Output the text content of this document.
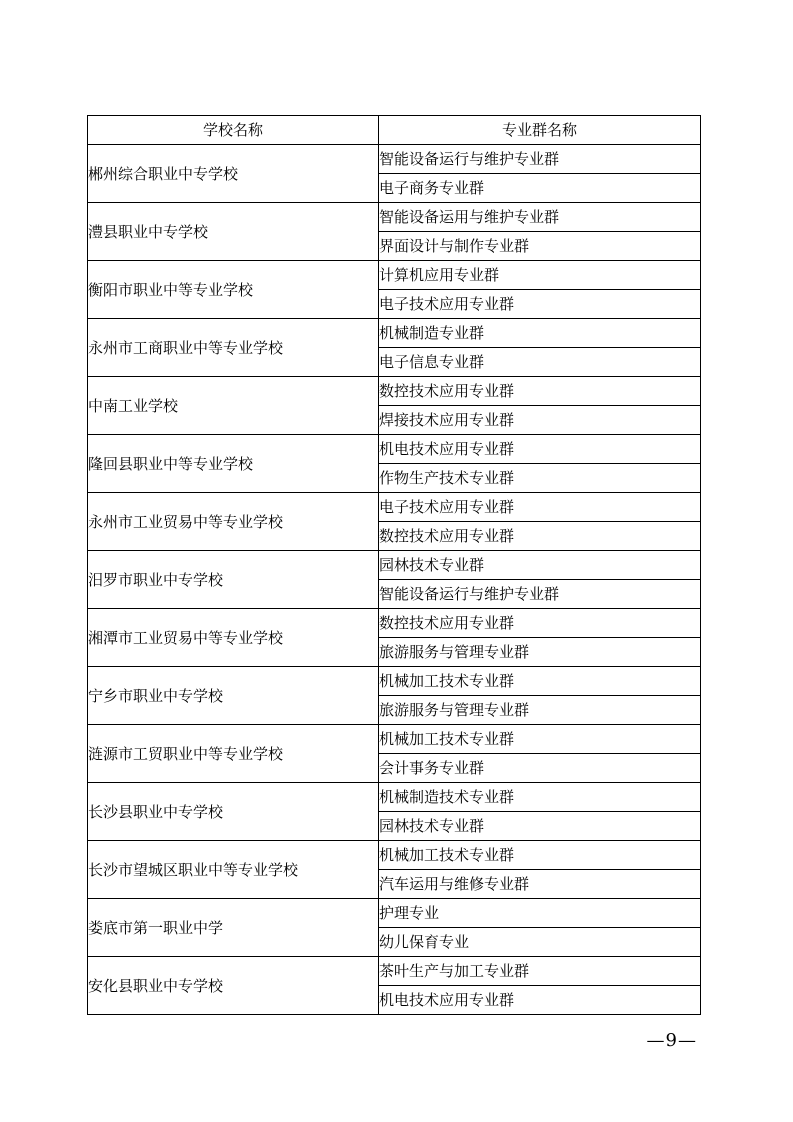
学校名称	专业群名称
郴州综合职业中专学校	智能设备运行与维护专业群
	电子商务专业群
澧县职业中专学校	智能设备运用与维护专业群
	界面设计与制作专业群
衡阳市职业中等专业学校	计算机应用专业群
	电子技术应用专业群
永州市工商职业中等专业学校	机械制造专业群
	电子信息专业群
中南工业学校	数控技术应用专业群
	焊接技术应用专业群
隆回县职业中等专业学校	机电技术应用专业群
	作物生产技术专业群
永州市工业贸易中等专业学校	电子技术应用专业群
	数控技术应用专业群
汨罗市职业中专学校	园林技术专业群
	智能设备运行与维护专业群
湘潭市工业贸易中等专业学校	数控技术应用专业群
	旅游服务与管理专业群
宁乡市职业中专学校	机械加工技术专业群
	旅游服务与管理专业群
涟源市工贸职业中等专业学校	机械加工技术专业群
	会计事务专业群
长沙县职业中专学校	机械制造技术专业群
	园林技术专业群
长沙市望城区职业中等专业学校	机械加工技术专业群
	汽车运用与维修专业群
娄底市第一职业中学	护理专业
	幼儿保育专业
安化县职业中专学校	茶叶生产与加工专业群
	机电技术应用专业群
—9—
